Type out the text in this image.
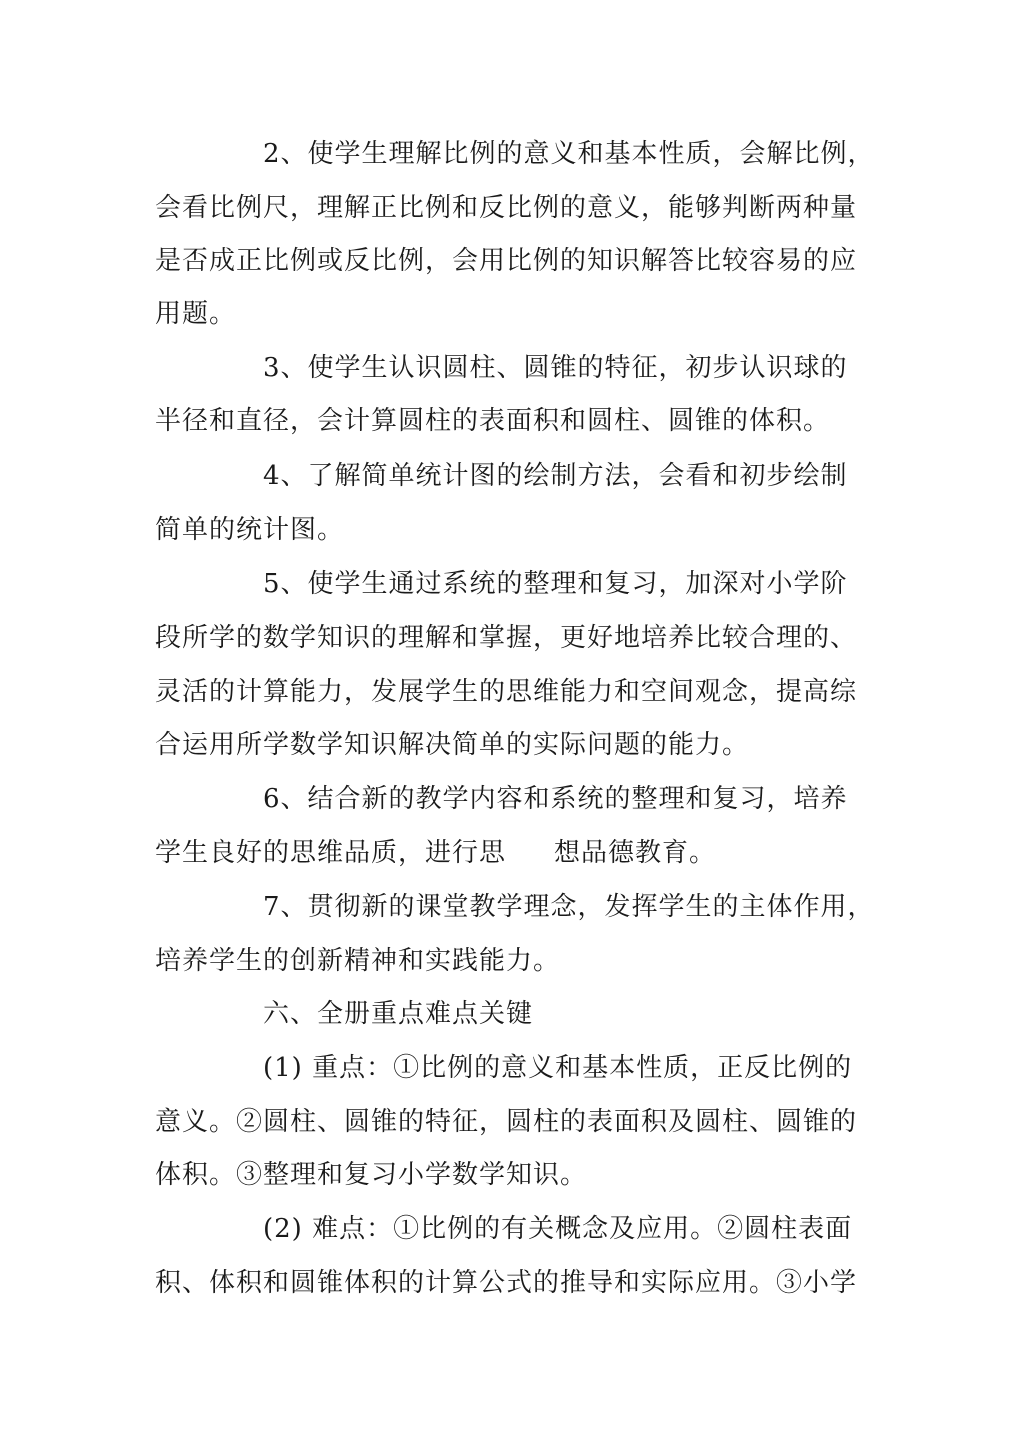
2、使学生理解比例的意义和基本性质，会解比例，
会看比例尺，理解正比例和反比例的意义，能够判断两种量
是否成正比例或反比例，会用比例的知识解答比较容易的应
用题。
3、使学生认识圆柱、圆锥的特征，初步认识球的
半径和直径，会计算圆柱的表面积和圆柱、圆锥的体积。
4、了解简单统计图的绘制方法，会看和初步绘制
简单的统计图。
5、使学生通过系统的整理和复习，加深对小学阶
段所学的数学知识的理解和掌握，更好地培养比较合理的、
灵活的计算能力，发展学生的思维能力和空间观念，提高综
合运用所学数学知识解决简单的实际问题的能力。
6、结合新的教学内容和系统的整理和复习，培养
学生良好的思维品质，进行思 想品德教育。
7、贯彻新的课堂教学理念，发挥学生的主体作用，
培养学生的创新精神和实践能力。
六、全册重点难点关键
(1) 重点：①比例的意义和基本性质，正反比例的
意义。②圆柱、圆锥的特征，圆柱的表面积及圆柱、圆锥的
体积。③整理和复习小学数学知识。
(2) 难点：①比例的有关概念及应用。②圆柱表面
积、体积和圆锥体积的计算公式的推导和实际应用。③小学
